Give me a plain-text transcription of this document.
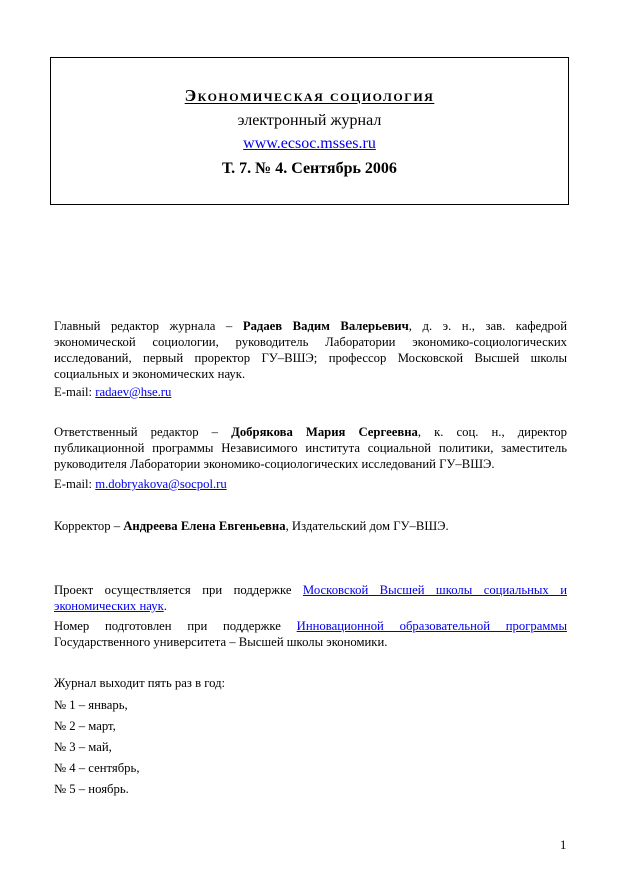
Экономическая социология
электронный журнал
www.ecsoc.msses.ru
Т. 7. № 4. Сентябрь 2006
Главный редактор журнала – Радаев Вадим Валерьевич, д. э. н., зав. кафедрой экономической социологии, руководитель Лаборатории экономико-социологических исследований, первый проректор ГУ–ВШЭ; профессор Московской Высшей школы социальных и экономических наук.
E-mail: radaev@hse.ru
Ответственный редактор – Добрякова Мария Сергеевна, к. соц. н., директор публикационной программы Независимого института социальной политики, заместитель руководителя Лаборатории экономико-социологических исследований ГУ–ВШЭ.
E-mail: m.dobryakova@socpol.ru
Корректор – Андреева Елена Евгеньевна, Издательский дом ГУ–ВШЭ.
Проект осуществляется при поддержке Московской Высшей школы социальных и экономических наук.
Номер подготовлен при поддержке Инновационной образовательной программы Государственного университета – Высшей школы экономики.
Журнал выходит пять раз в год:
№ 1 – январь,
№ 2 – март,
№ 3 – май,
№ 4 – сентябрь,
№ 5 – ноябрь.
1
